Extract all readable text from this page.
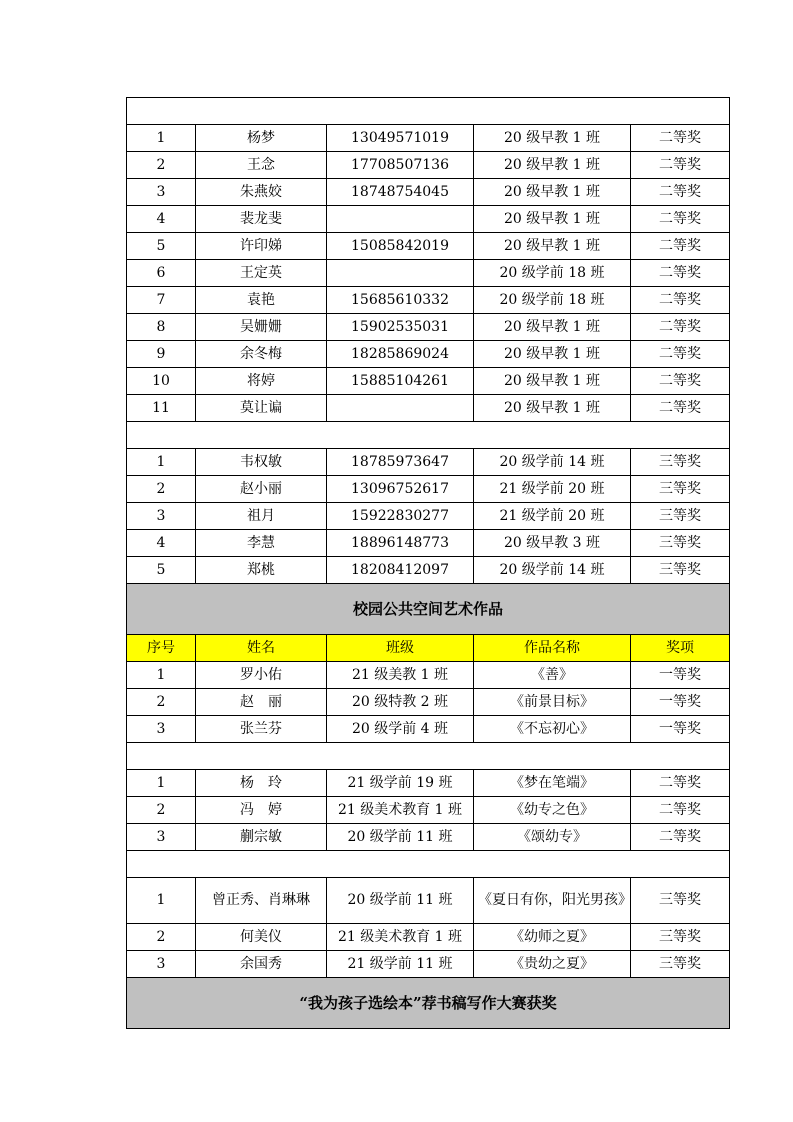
1	杨梦	13049571019	20 级早教 1 班	二等奖
2	王念	17708507136	20 级早教 1 班	二等奖
3	朱燕姣	18748754045	20 级早教 1 班	二等奖
4	裴龙斐		20 级早教 1 班	二等奖
5	许印娣	15085842019	20 级早教 1 班	二等奖
6	王定英		20 级学前 18 班	二等奖
7	袁艳	15685610332	20 级学前 18 班	二等奖
8	吴姗姗	15902535031	20 级早教 1 班	二等奖
9	余冬梅	18285869024	20 级早教 1 班	二等奖
10	将婷	15885104261	20 级早教 1 班	二等奖
11	莫让谝		20 级早教 1 班	二等奖

1	韦权敏	18785973647	20 级学前 14 班	三等奖
2	赵小丽	13096752617	21 级学前 20 班	三等奖
3	祖月	15922830277	21 级学前 20 班	三等奖
4	李慧	18896148773	20 级早教 3 班	三等奖
5	郑桃	18208412097	20 级学前 14 班	三等奖
校园公共空间艺术作品				
序号	姓名	班级	作品名称	奖项
1	罗小佑	21 级美教 1 班	《善》	一等奖
2	赵　丽	20 级特教 2 班	《前景目标》	一等奖
3	张兰芬	20 级学前 4 班	《不忘初心》	一等奖

1	杨　玲	21 级学前 19 班	《梦在笔端》	二等奖
2	冯　婷	21 级美术教育 1 班	《幼专之色》	二等奖
3	蒯宗敏	20 级学前 11 班	《颂幼专》	二等奖

1	曾正秀、肖琳琳	20 级学前 11 班	《夏日有你，阳光男孩》	三等奖
2	何美仪	21 级美术教育 1 班	《幼师之夏》	三等奖
3	余国秀	21 级学前 11 班	《贵幼之夏》	三等奖
“我为孩子选绘本”荐书稿写作大赛获奖				
